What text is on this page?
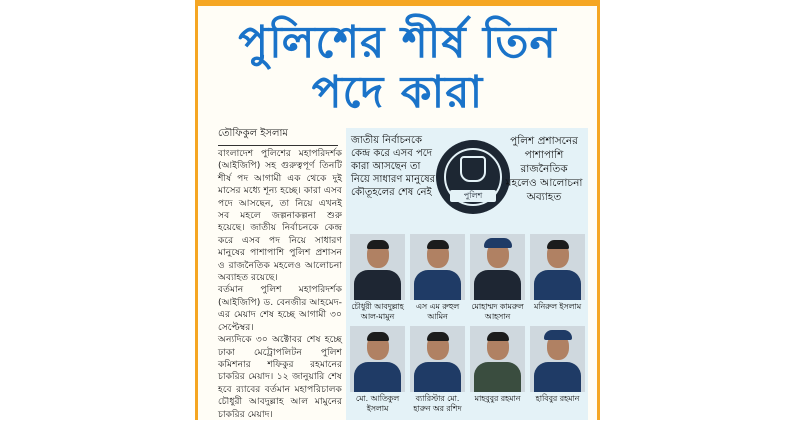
পুলিশের শীর্ষ তিন পদে কারা
তৌফিকুল ইসলাম

বাংলাদেশ পুলিশের মহাপরিদর্শক (আইজিপি) সহ গুরুত্বপূর্ণ তিনটি শীর্ষ পদ আগামী এক থেকে দুই মাসের মধ্যে শূন্য হচ্ছে। কারা এসব পদে আসছেন, তা নিয়ে এখনই সব মহলে জল্পনাকল্পনা শুরু হয়েছে। জাতীয় নির্বাচনকে কেন্দ্র করে এসব পদ নিয়ে সাধারণ মানুষের পাশাপাশি পুলিশ প্রশাসন ও রাজনৈতিক মহলেও আলোচনা অব্যাহত রয়েছে।

বর্তমান পুলিশ মহাপরিদর্শক (আইজিপি) ড. বেনজীর আহমেদ-এর মেয়াদ শেষ হচ্ছে আগামী ৩০ সেপ্টেম্বর।

অন্যদিকে ৩০ অক্টোবর শেষ হচ্ছে ঢাকা মেট্রোপলিটন পুলিশ কমিশনার শফিকুর রহমানের চাকরির মেয়াদ। ১২ জানুয়ারি শেষ হবে র‍্যাবের বর্তমান মহাপরিচালক চৌধুরী আবদুল্লাহ আল মামুনের চাকরির মেয়াদ।

জাতীয় নির্বাচনকে কেন্দ্র করে এসব পদে কারা আসছেন তা নিয়ে সাধারণ মানুষের কৌতূহলের শেষ নেই	পুলিশ
পুলিশ প্রশাসনের পাশাপাশি রাজনৈতিক মহলেও আলোচনা অব্যাহত
চৌধুরী আবদুল্লাহ আল-মামুন
এস এম রুহুল আমিন
মোহাম্মদ কামরুল আহসান
মনিরুল ইসলাম
মো. আতিকুল ইসলাম
ব্যারিস্টার মো. হারুন অর রশিদ
মাহবুবুর রহমান	হাবিবুর রহমান
